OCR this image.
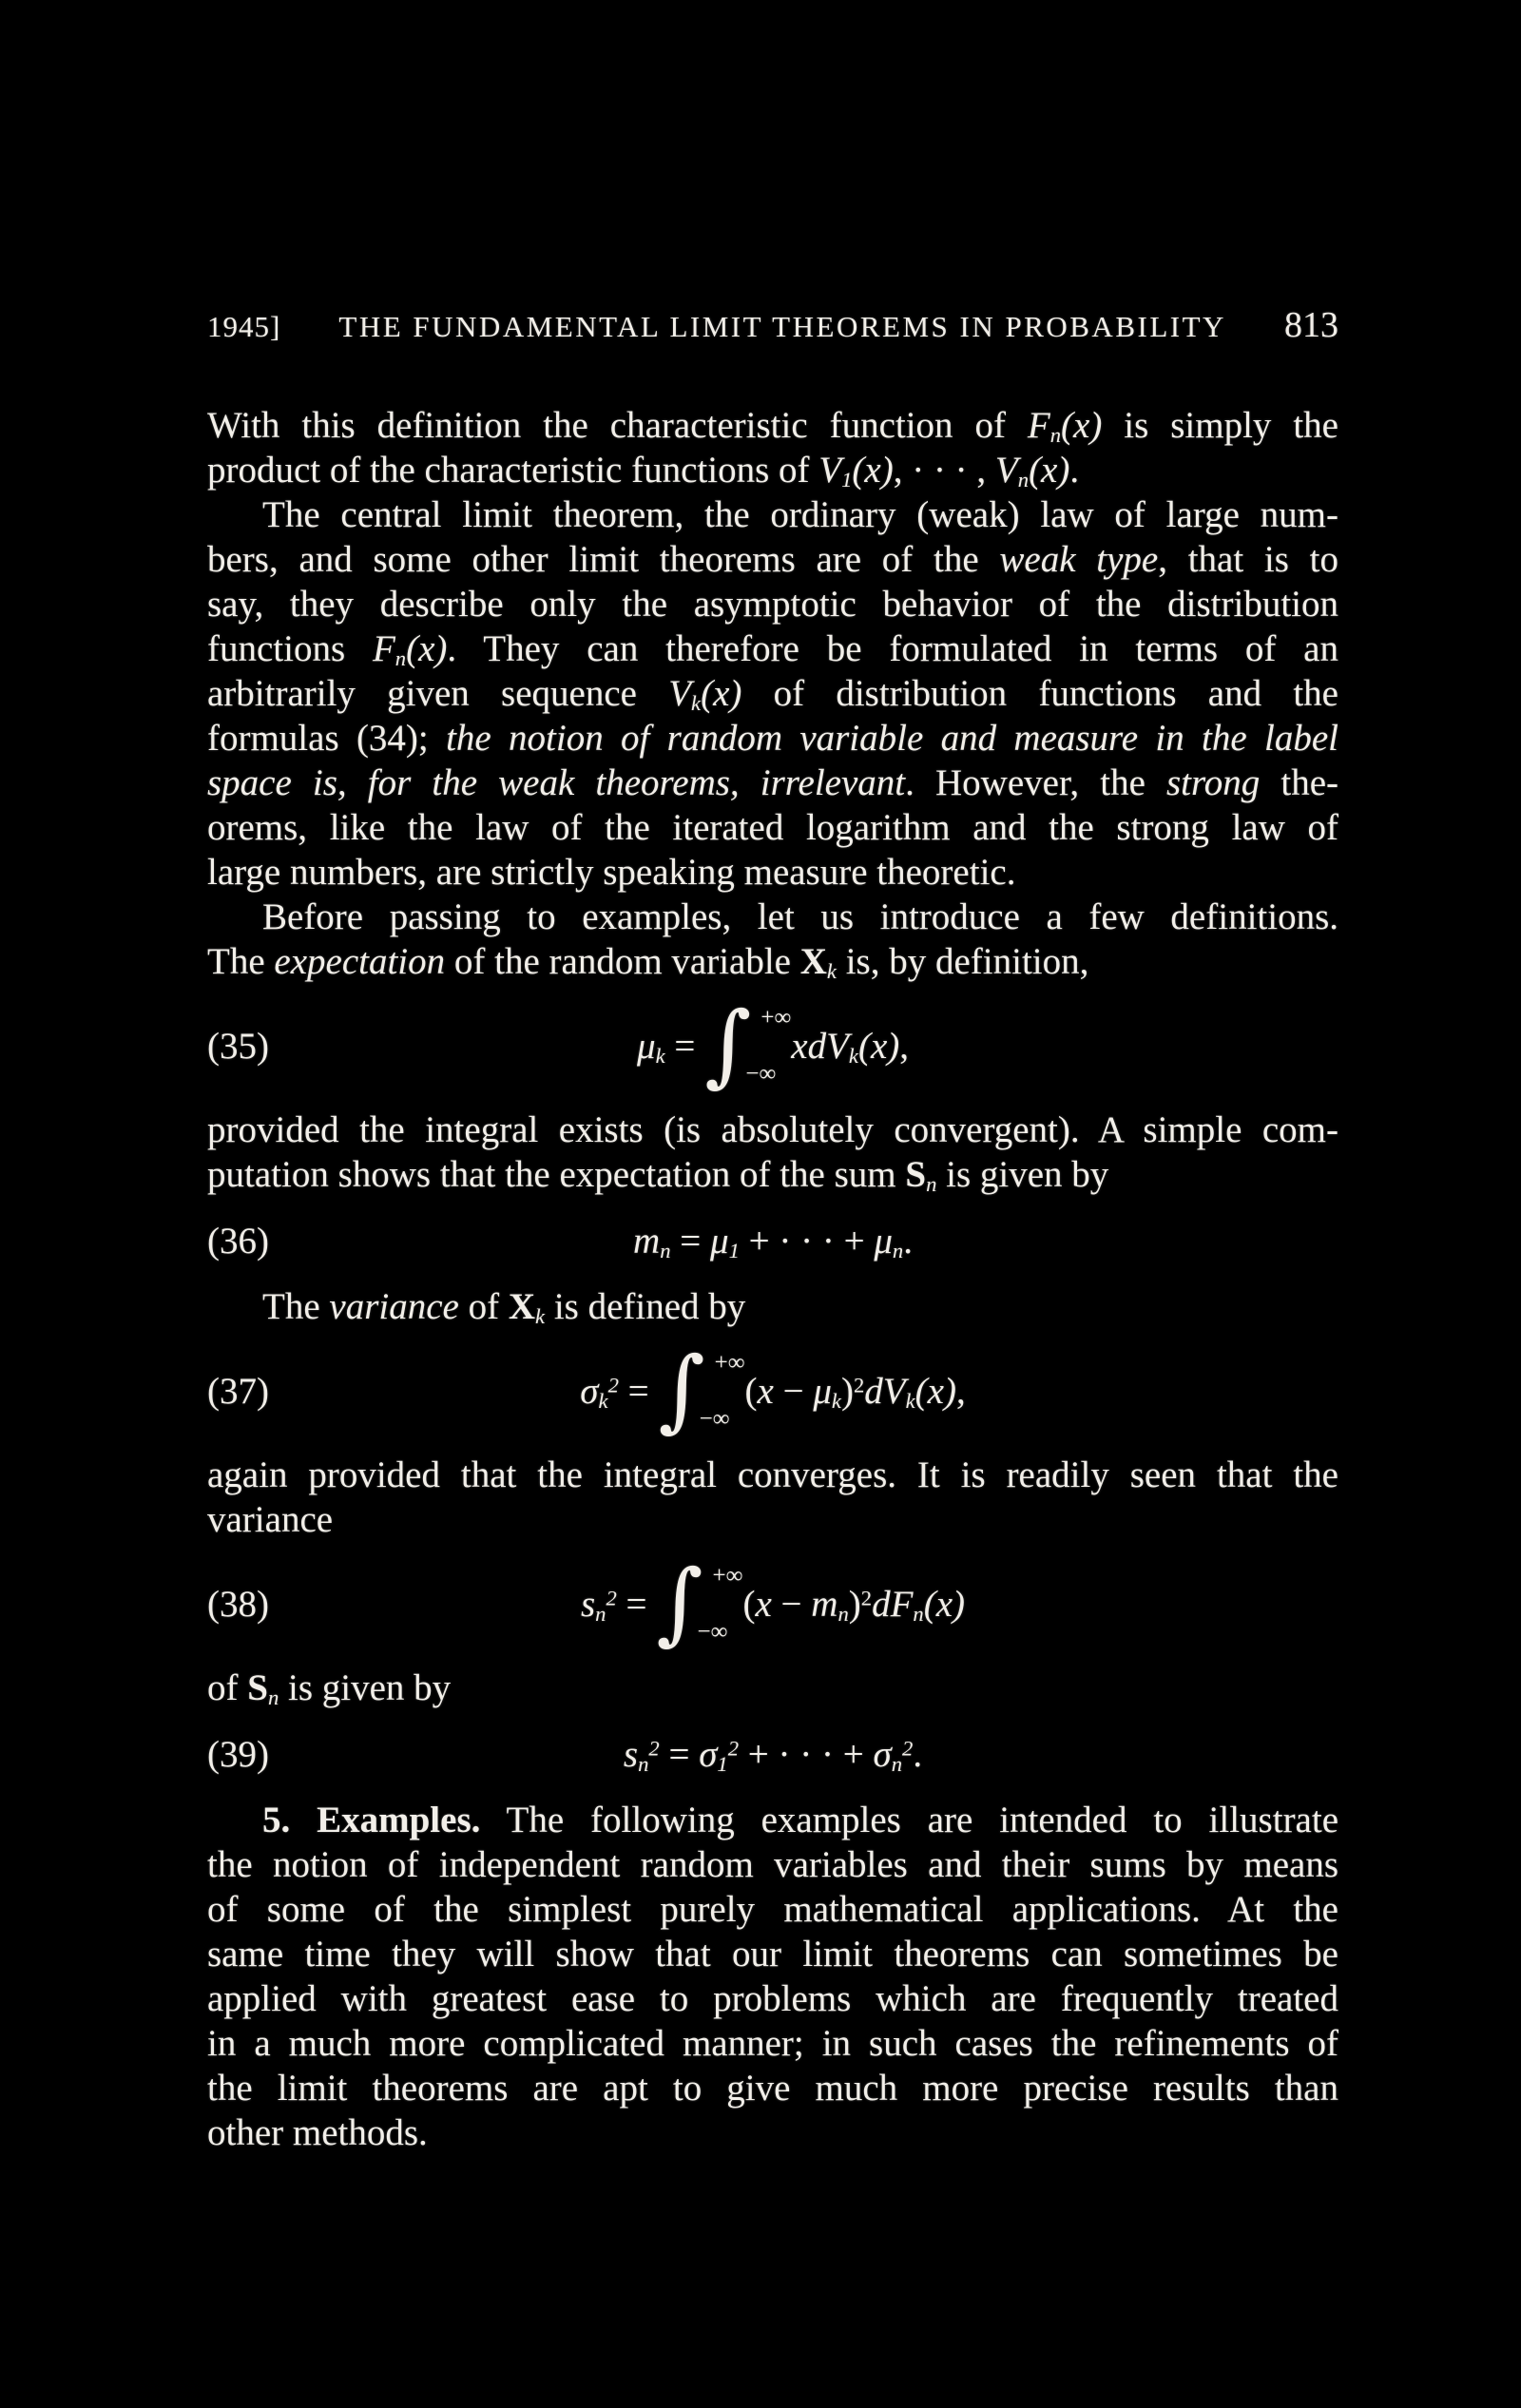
1945]	THE FUNDAMENTAL LIMIT THEOREMS IN PROBABILITY	813
With this definition the characteristic function of $F_n(x)$ is simply the
product of the characteristic functions of $V_1(x)$, · · · , $V_n(x)$.
The central limit theorem, the ordinary (weak) law of large num-
bers, and some other limit theorems are of the weak type, that is to
say, they describe only the asymptotic behavior of the distribution
functions $F_n(x)$. They can therefore be formulated in terms of an
arbitrarily given sequence $V_k(x)$ of distribution functions and the
formulas (34); the notion of random variable and measure in the label
space is, for the weak theorems, irrelevant. However, the strong the-
orems, like the law of the iterated logarithm and the strong law of
large numbers, are strictly speaking measure theoretic.
Before passing to examples, let us introduce a few definitions.
The expectation of the random variable $X_k$ is, by definition,
(35)	$\mu_k$ = ∫ +∞
−∞
xdV$_k$(x),
provided the integral exists (is absolutely convergent). A simple com-
putation shows that the expectation of the sum $S_n$ is given by
(36)	$m_n = \mu_1$ + · · · + $\mu_n$.
The variance of $X_k$ is defined by
(37)	$\sigma_k^2$ = ∫ +∞
−∞
$(x - \mu_k)^2dV_k(x)$,
again provided that the integral converges. It is readily seen that the
variance
(38)	$s_n^2$ = ∫ +∞
−∞
$(x - m_n)^2dF_n(x)$
of $S_n$ is given by
(39)	$s_n^2 = \sigma_1^2$ + · · · + $\sigma_n^2$.
5. Examples. The following examples are intended to illustrate
the notion of independent random variables and their sums by means
of some of the simplest purely mathematical applications. At the
same time they will show that our limit theorems can sometimes be
applied with greatest ease to problems which are frequently treated
in a much more complicated manner; in such cases the refinements of
the limit theorems are apt to give much more precise results than
other methods.
